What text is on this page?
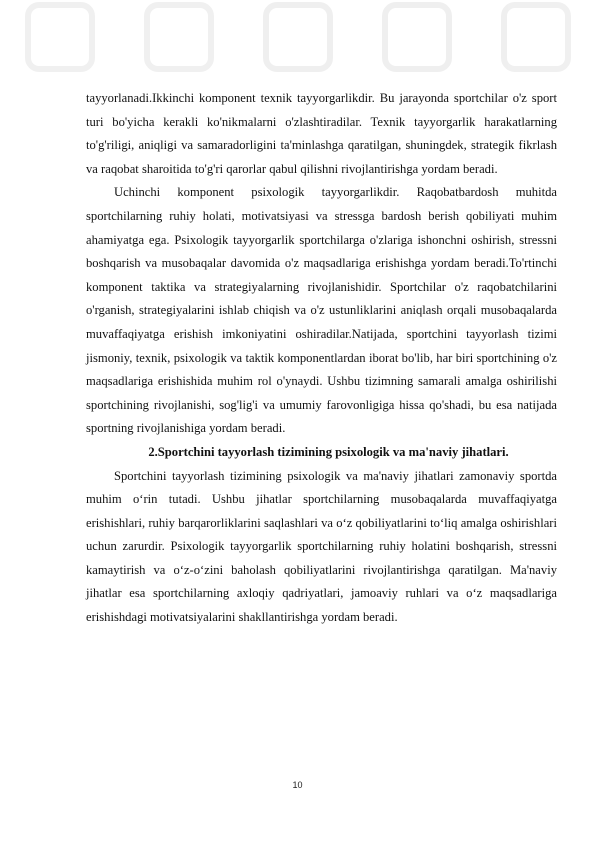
tayyorlanadi.Ikkinchi komponent texnik tayyorgarlikdir. Bu jarayonda sportchilar o'z sport turi bo'yicha kerakli ko'nikmalarni o'zlashtiradilar. Texnik tayyorgarlik harakatlarning to'g'riligi, aniqligi va samaradorligini ta'minlashga qaratilgan, shuningdek, strategik fikrlash va raqobat sharoitida to'g'ri qarorlar qabul qilishni rivojlantirishga yordam beradi.

Uchinchi komponent psixologik tayyorgarlikdir. Raqobatbardosh muhitda sportchilarning ruhiy holati, motivatsiyasi va stressga bardosh berish qobiliyati muhim ahamiyatga ega. Psixologik tayyorgarlik sportchilarga o'zlariga ishonchni oshirish, stressni boshqarish va musobaqalar davomida o'z maqsadlariga erishishga yordam beradi.To'rtinchi komponent taktika va strategiyalarning rivojlanishidir. Sportchilar o'z raqobatchilarini o'rganish, strategiyalarini ishlab chiqish va o'z ustunliklarini aniqlash orqali musobaqalarda muvaffaqiyatga erishish imkoniyatini oshiradilar.Natijada, sportchini tayyorlash tizimi jismoniy, texnik, psixologik va taktik komponentlardan iborat bo'lib, har biri sportchining o'z maqsadlariga erishishida muhim rol o'ynaydi. Ushbu tizimning samarali amalga oshirilishi sportchining rivojlanishi, sog'lig'i va umumiy farovonligiga hissa qo'shadi, bu esa natijada sportning rivojlanishiga yordam beradi.

2.Sportchini tayyorlash tizimining psixologik va ma'naviy jihatlari.

Sportchini tayyorlash tizimining psixologik va ma'naviy jihatlari zamonaviy sportda muhim o‘rin tutadi. Ushbu jihatlar sportchilarning musobaqalarda muvaffaqiyatga erishishlari, ruhiy barqarorliklarini saqlashlari va o‘z qobiliyatlarini to‘liq amalga oshirishlari uchun zarurdir. Psixologik tayyorgarlik sportchilarning ruhiy holatini boshqarish, stressni kamaytirish va o‘z-o‘zini baholash qobiliyatlarini rivojlantirishga qaratilgan. Ma'naviy jihatlar esa sportchilarning axloqiy qadriyatlari, jamoaviy ruhlari va o‘z maqsadlariga erishishdagi motivatsiyalarini shakllantirishga yordam beradi.

10
